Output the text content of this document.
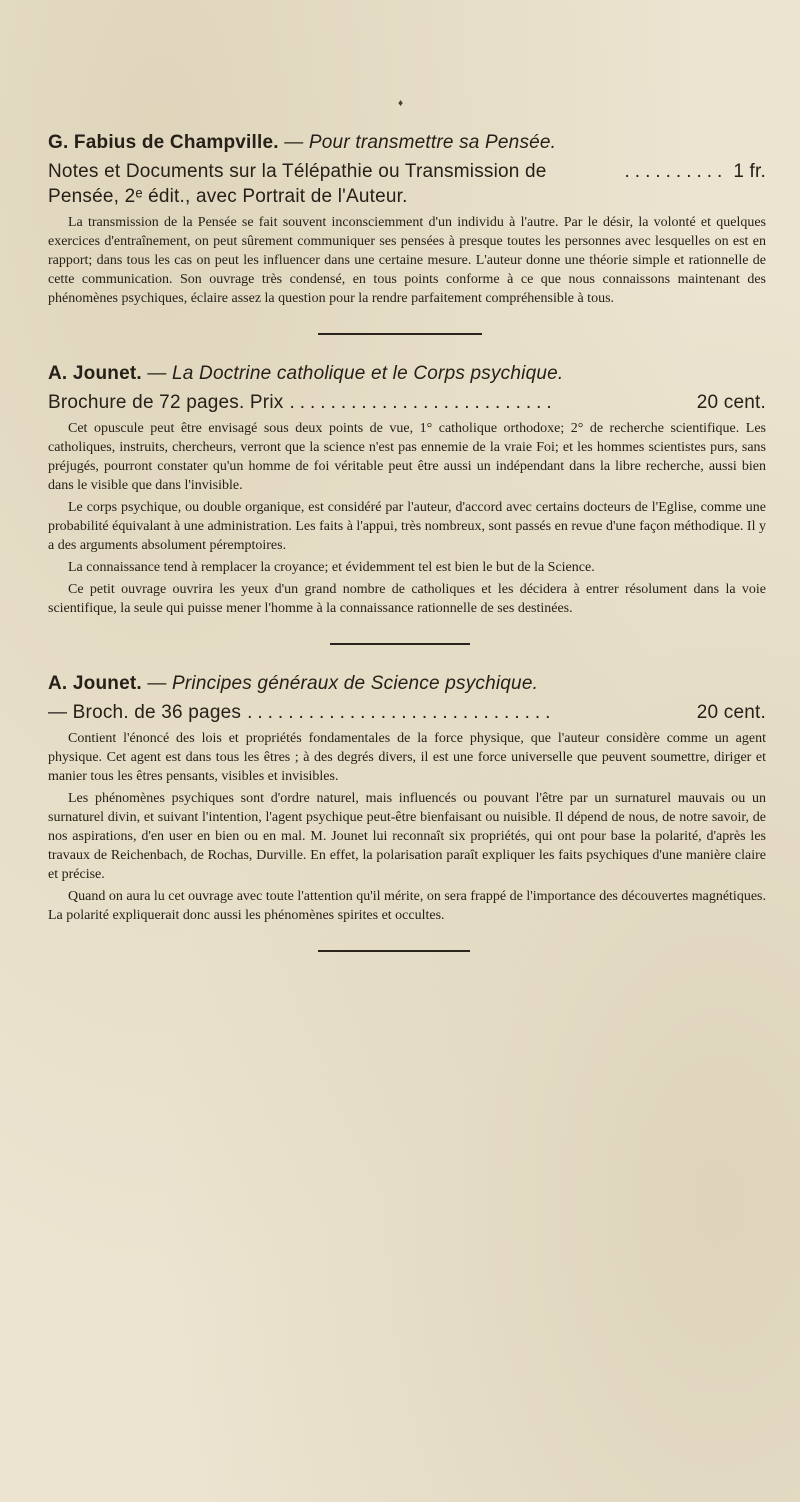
♦

G. Fabius de Champville. — Pour transmettre sa Pensée.

Notes et Documents sur la Télépathie ou Transmission de Pensée, 2ᵉ édit., avec Portrait de l'Auteur.
.......... 1 fr.

La transmission de la Pensée se fait souvent inconsciemment d'un individu à l'autre. Par le désir, la volonté et quelques exercices d'entraînement, on peut sûrement communiquer ses pensées à presque toutes les personnes avec lesquelles on est en rapport; dans tous les cas on peut les influencer dans une certaine mesure. L'auteur donne une théorie simple et rationnelle de cette communication. Son ouvrage très condensé, en tous points conforme à ce que nous connaissons maintenant des phénomènes psychiques, éclaire assez la question pour la rendre parfaitement compréhensible à tous.

A. Jounet. — La Doctrine catholique et le Corps psychique.

Brochure de 72 pages. Prix ..........................	20 cent.

Cet opuscule peut être envisagé sous deux points de vue, 1° catholique orthodoxe; 2° de recherche scientifique. Les catholiques, instruits, chercheurs, verront que la science n'est pas ennemie de la vraie Foi; et les hommes scientistes purs, sans préjugés, pourront constater qu'un homme de foi véritable peut être aussi un indépendant dans la libre recherche, aussi bien dans le visible que dans l'invisible.

Le corps psychique, ou double organique, est considéré par l'auteur, d'accord avec certains docteurs de l'Eglise, comme une probabilité équivalant à une administration. Les faits à l'appui, très nombreux, sont passés en revue d'une façon méthodique. Il y a des arguments absolument péremptoires.

La connaissance tend à remplacer la croyance; et évidemment tel est bien le but de la Science.

Ce petit ouvrage ouvrira les yeux d'un grand nombre de catholiques et les décidera à entrer résolument dans la voie scientifique, la seule qui puisse mener l'homme à la connaissance rationnelle de ses destinées.

A. Jounet. — Principes généraux de Science psychique.

— Broch. de 36 pages ..............................	20 cent.

Contient l'énoncé des lois et propriétés fondamentales de la force physique, que l'auteur considère comme un agent physique. Cet agent est dans tous les êtres ; à des degrés divers, il est une force universelle que peuvent soumettre, diriger et manier tous les êtres pensants, visibles et invisibles.

Les phénomènes psychiques sont d'ordre naturel, mais influencés ou pouvant l'être par un surnaturel mauvais ou un surnaturel divin, et suivant l'intention, l'agent psychique peut-être bienfaisant ou nuisible. Il dépend de nous, de notre savoir, de nos aspirations, d'en user en bien ou en mal. M. Jounet lui reconnaît six propriétés, qui ont pour base la polarité, d'après les travaux de Reichenbach, de Rochas, Durville. En effet, la polarisation paraît expliquer les faits psychiques d'une manière claire et précise.

Quand on aura lu cet ouvrage avec toute l'attention qu'il mérite, on sera frappé de l'importance des découvertes magnétiques. La polarité expliquerait donc aussi les phénomènes spirites et occultes.
